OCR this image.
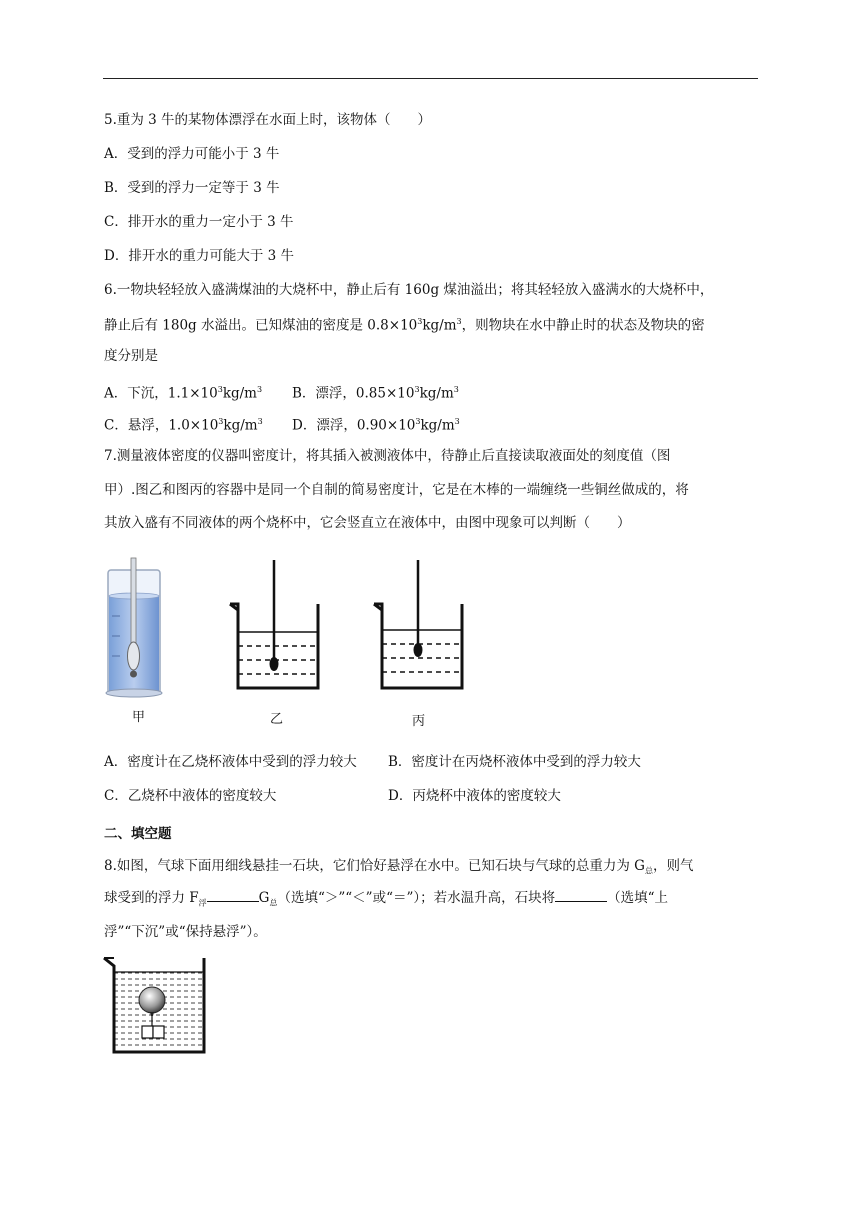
5.重为 3 牛的某物体漂浮在水面上时，该物体（　　）
A．受到的浮力可能小于 3 牛
B．受到的浮力一定等于 3 牛
C．排开水的重力一定小于 3 牛
D．排开水的重力可能大于 3 牛
6.一物块轻轻放入盛满煤油的大烧杯中，静止后有 160g 煤油溢出；将其轻轻放入盛满水的大烧杯中，
静止后有 180g 水溢出。已知煤油的密度是 $0.8\times 10^3kg/m^3$，则物块在水中静止时的状态及物块的密
度分别是
A．下沉，$1.1\times 10^3kg/m^3$ B．漂浮，$0.85\times 10^3kg/m^3$
C．悬浮，$1.0\times 10^3kg/m^3$ D．漂浮，$0.90\times 10^3kg/m^3$
7.测量液体密度的仪器叫密度计，将其插入被测液体中，待静止后直接读取液面处的刻度值（图
甲）.图乙和图丙的容器中是同一个自制的简易密度计，它是在木棒的一端缠绕一些铜丝做成的，将
其放入盛有不同液体的两个烧杯中，它会竖直立在液体中，由图中现象可以判断（　　）
甲	乙	丙
A．密度计在乙烧杯液体中受到的浮力较大 B．密度计在丙烧杯液体中受到的浮力较大
C．乙烧杯中液体的密度较大	D．丙烧杯中液体的密度较大
二、填空题
8.如图，气球下面用细线悬挂一石块，它们恰好悬浮在水中。已知石块与气球的总重力为 $G_总$，则气
球受到的浮力 $F_浮$	$G_总$（选填“＞”“＜”或“＝”）；若水温升高，石块将	（选填“上
浮”“下沉”或“保持悬浮”）。
